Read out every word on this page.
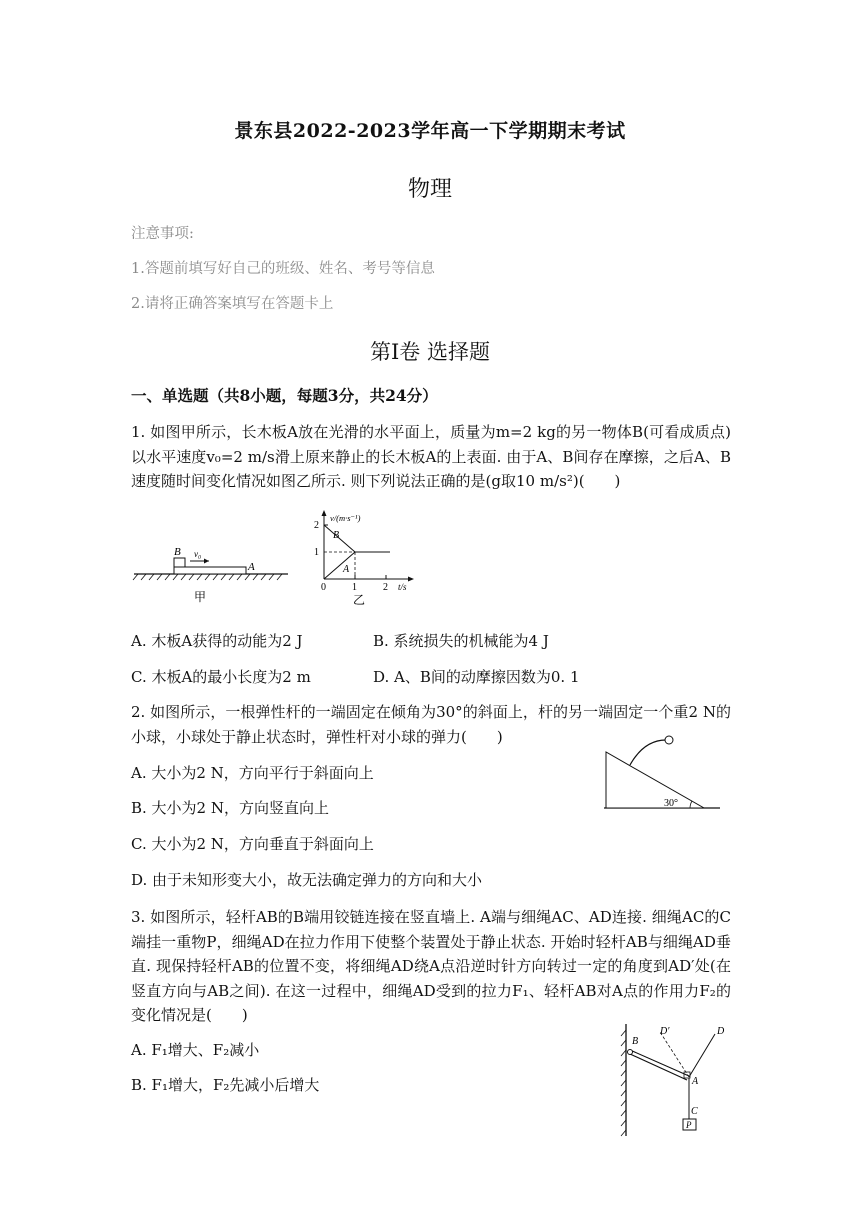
景东县2022-2023学年高一下学期期末考试
物理
注意事项:
1.答题前填写好自己的班级、姓名、考号等信息
2.请将正确答案填写在答题卡上
第Ⅰ卷 选择题
一、单选题（共8小题，每题3分，共24分）
1. 如图甲所示，长木板A放在光滑的水平面上，质量为m=2 kg的另一物体B(可看成质点)以水平速度v₀=2 m/s滑上原来静止的长木板A的上表面. 由于A、B间存在摩擦，之后A、B速度随时间变化情况如图乙所示. 则下列说法正确的是(g取10 m/s²)(　　)
B v₀
A
甲
2
1
0	1	2
v/(m·s⁻¹)
t/s
B
A
乙
A. 木板A获得的动能为2 J	B. 系统损失的机械能为4 J
C. 木板A的最小长度为2 m	D. A、B间的动摩擦因数为0. 1
2. 如图所示，一根弹性杆的一端固定在倾角为30°的斜面上，杆的另一端固定一个重2 N的小球，小球处于静止状态时，弹性杆对小球的弹力(　　)
30°
A. 大小为2 N，方向平行于斜面向上
B. 大小为2 N，方向竖直向上
C. 大小为2 N，方向垂直于斜面向上
D. 由于未知形变大小，故无法确定弹力的方向和大小
3. 如图所示，轻杆AB的B端用铰链连接在竖直墙上. A端与细绳AC、AD连接. 细绳AC的C端挂一重物P，细绳AD在拉力作用下使整个装置处于静止状态. 开始时轻杆AB与细绳AD垂直. 现保持轻杆AB的位置不变，将细绳AD绕A点沿逆时针方向转过一定的角度到AD′处(在竖直方向与AB之间). 在这一过程中，细绳AD受到的拉力F₁、轻杆AB对A点的作用力F₂的变化情况是(　　)
B
D′	D
A
C
P
A. F₁增大、F₂减小
B. F₁增大，F₂先减小后增大
